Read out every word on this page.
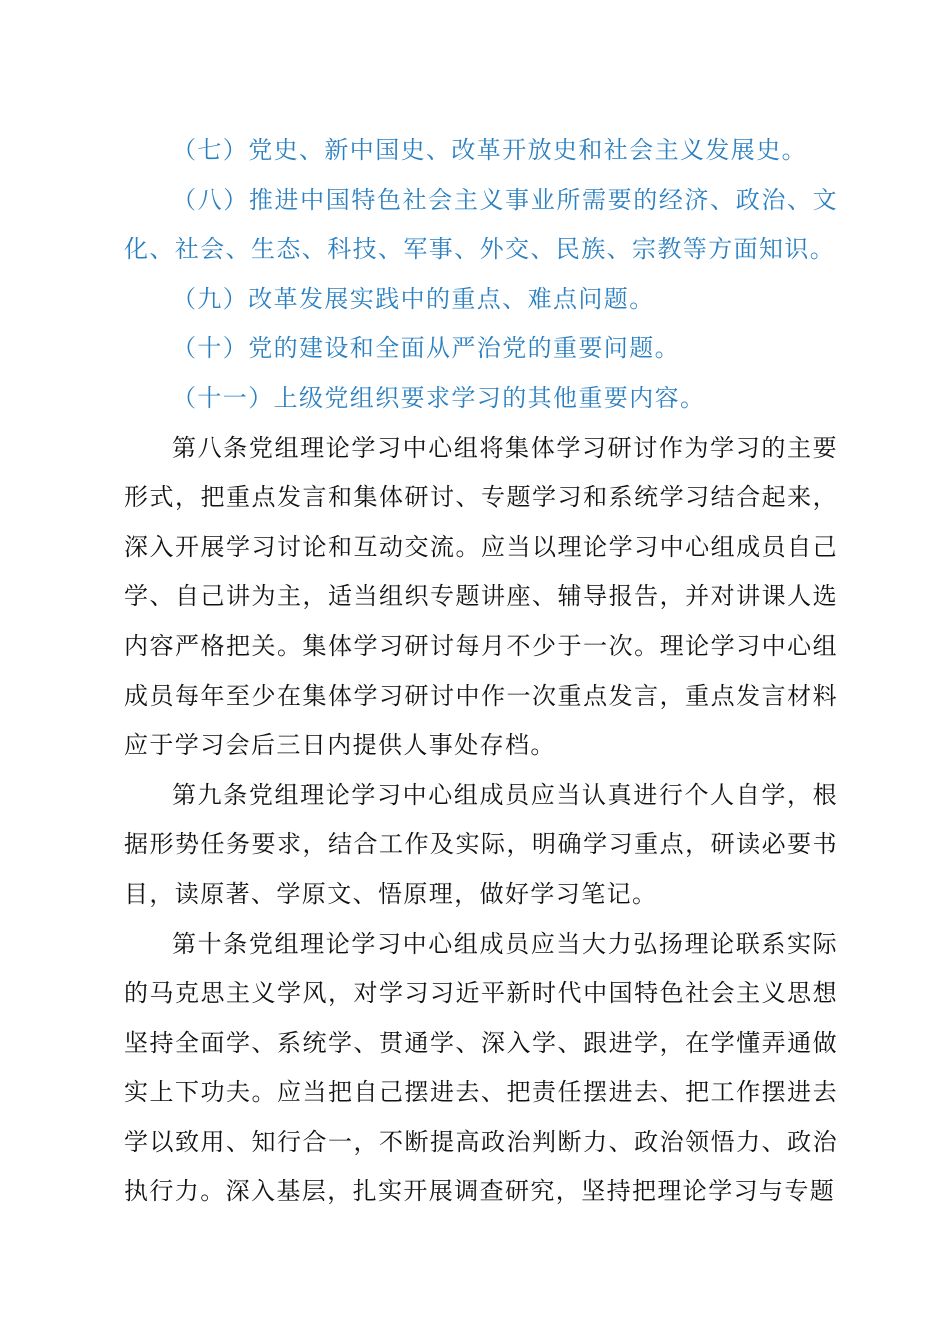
（七）党史、新中国史、改革开放史和社会主义发展史。

（八）推进中国特色社会主义事业所需要的经济、政治、文化、社会、生态、科技、军事、外交、民族、宗教等方面知识。

（九）改革发展实践中的重点、难点问题。

（十）党的建设和全面从严治党的重要问题。

（十一）上级党组织要求学习的其他重要内容。

第八条党组理论学习中心组将集体学习研讨作为学习的主要形式，把重点发言和集体研讨、专题学习和系统学习结合起来，深入开展学习讨论和互动交流。应当以理论学习中心组成员自己学、自己讲为主，适当组织专题讲座、辅导报告，并对讲课人选内容严格把关。集体学习研讨每月不少于一次。理论学习中心组成员每年至少在集体学习研讨中作一次重点发言，重点发言材料应于学习会后三日内提供人事处存档。

第九条党组理论学习中心组成员应当认真进行个人自学，根据形势任务要求，结合工作及实际，明确学习重点，研读必要书目，读原著、学原文、悟原理，做好学习笔记。

第十条党组理论学习中心组成员应当大力弘扬理论联系实际的马克思主义学风，对学习习近平新时代中国特色社会主义思想坚持全面学、系统学、贯通学、深入学、跟进学，在学懂弄通做实上下功夫。应当把自己摆进去、把责任摆进去、把工作摆进去学以致用、知行合一，不断提高政治判断力、政治领悟力、政治执行力。深入基层，扎实开展调查研究，坚持把理论学习与专题
